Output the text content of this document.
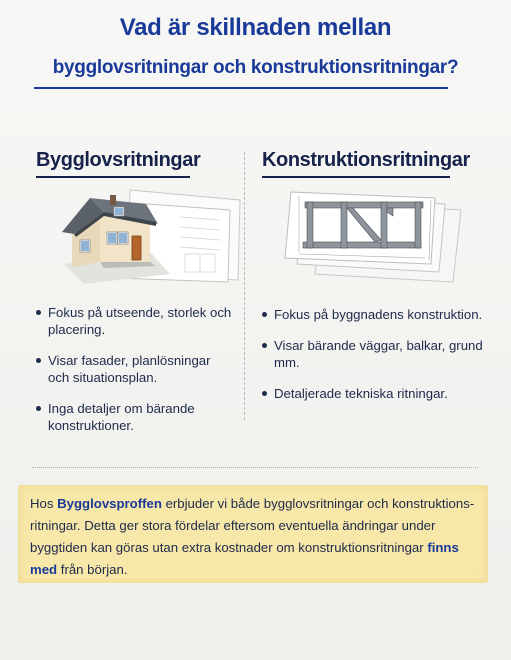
Vad är skillnaden mellan
bygglovsritningar och konstruktionsritningar?
Bygglovsritningar
Fokus på utseende, storlek och placering.
Visar fasader, planlösningar och situationsplan.
Inga detaljer om bärande konstruktioner.
Konstruktionsritningar
Fokus på byggnadens konstruktion.
Visar bärande väggar, balkar, grund mm.
Detaljerade tekniska ritningar.
Hos Bygglovsproffen erbjuder vi både bygglovsritningar och konstruktions-ritningar. Detta ger stora fördelar eftersom eventuella ändringar under byggtiden kan göras utan extra kostnader om konstruktionsritningar finns med från början.
